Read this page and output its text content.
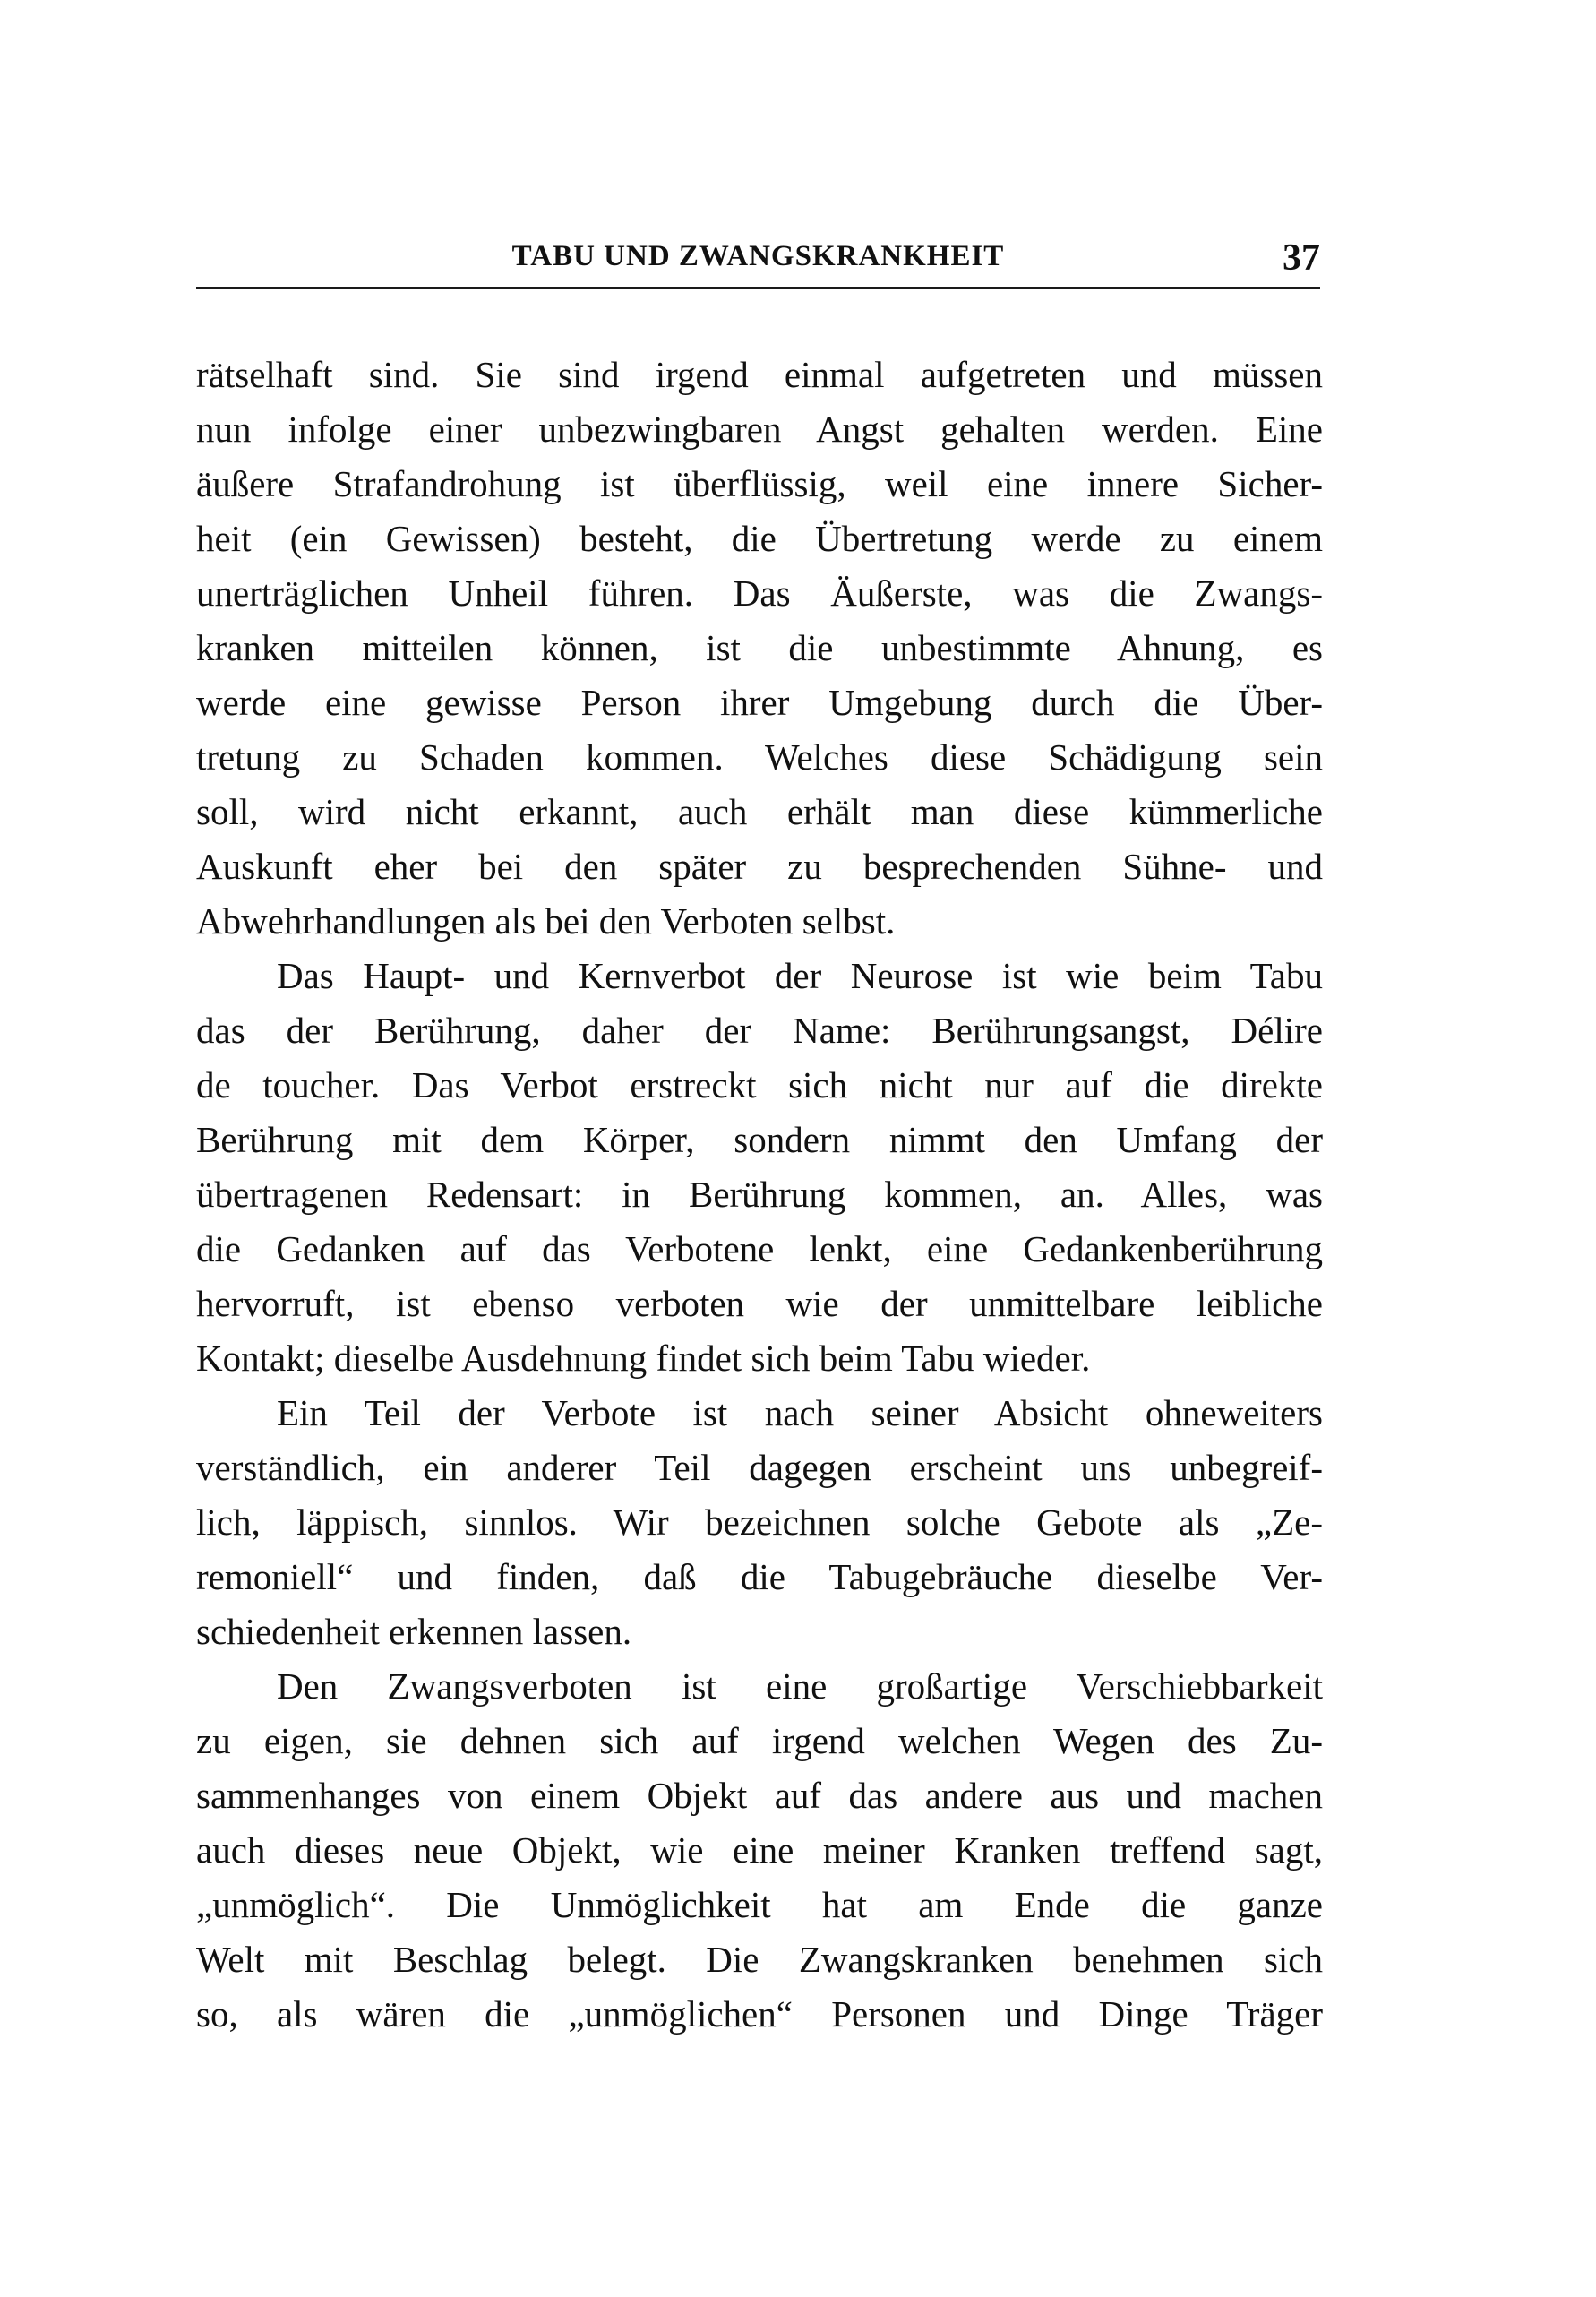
TABU UND ZWANGSKRANKHEIT	37
rätselhaft sind. Sie sind irgend einmal aufgetreten und müssen
nun infolge einer unbezwingbaren Angst gehalten werden. Eine
äußere Strafandrohung ist überflüssig, weil eine innere Sicher-
heit (ein Gewissen) besteht, die Übertretung werde zu einem
unerträglichen Unheil führen. Das Äußerste, was die Zwangs-
kranken mitteilen können, ist die unbestimmte Ahnung, es
werde eine gewisse Person ihrer Umgebung durch die Über-
tretung zu Schaden kommen. Welches diese Schädigung sein
soll, wird nicht erkannt, auch erhält man diese kümmerliche
Auskunft eher bei den später zu besprechenden Sühne- und
Abwehrhandlungen als bei den Verboten selbst.
Das Haupt- und Kernverbot der Neurose ist wie beim Tabu
das der Berührung, daher der Name: Berührungsangst, Délire
de toucher. Das Verbot erstreckt sich nicht nur auf die direkte
Berührung mit dem Körper, sondern nimmt den Umfang der
übertragenen Redensart: in Berührung kommen, an. Alles, was
die Gedanken auf das Verbotene lenkt, eine Gedankenberührung
hervorruft, ist ebenso verboten wie der unmittelbare leibliche
Kontakt; dieselbe Ausdehnung findet sich beim Tabu wieder.
Ein Teil der Verbote ist nach seiner Absicht ohneweiters
verständlich, ein anderer Teil dagegen erscheint uns unbegreif-
lich, läppisch, sinnlos. Wir bezeichnen solche Gebote als „Ze-
remoniell“ und finden, daß die Tabugebräuche dieselbe Ver-
schiedenheit erkennen lassen.
Den Zwangsverboten ist eine großartige Verschiebbarkeit
zu eigen, sie dehnen sich auf irgend welchen Wegen des Zu-
sammenhanges von einem Objekt auf das andere aus und machen
auch dieses neue Objekt, wie eine meiner Kranken treffend sagt,
„unmöglich“. Die Unmöglichkeit hat am Ende die ganze
Welt mit Beschlag belegt. Die Zwangskranken benehmen sich
so, als wären die „unmöglichen“ Personen und Dinge Träger
